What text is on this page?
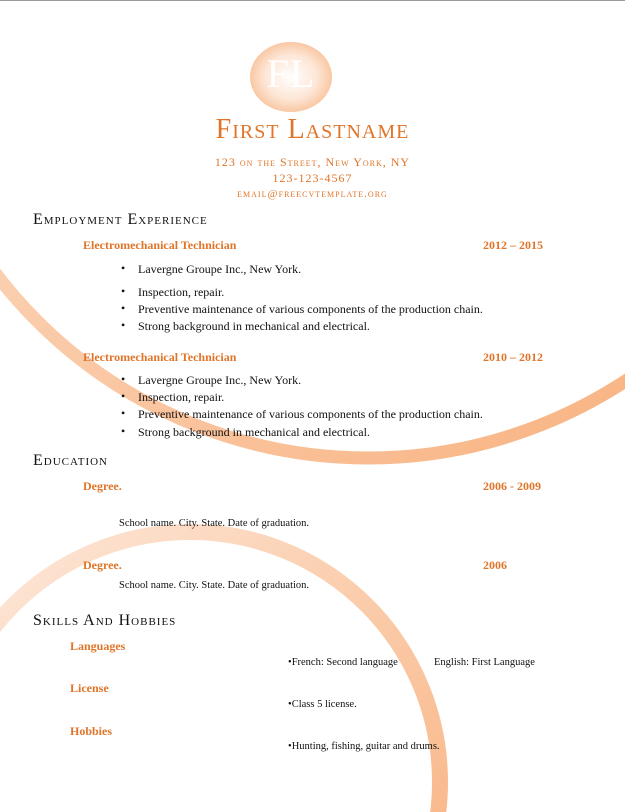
FL
First Lastname
123 on the Street, New York, NY
123-123-4567
email@freecvtemplate.org
Employment Experience
Electromechanical Technician	2012 – 2015
• Lavergne Groupe Inc., New York.
• Inspection, repair.
• Preventive maintenance of various components of the production chain.
• Strong background in mechanical and electrical.
Electromechanical Technician	2010 – 2012
• Lavergne Groupe Inc., New York.
• Inspection, repair.
• Preventive maintenance of various components of the production chain.
• Strong background in mechanical and electrical.
Education
Degree.	2006 - 2009
School name. City. State. Date of graduation.
Degree.	2006
School name. City. State. Date of graduation.
Skills And Hobbies
Languages
•French: Second language	English: First Language
License
•Class 5 license.
Hobbies
•Hunting, fishing, guitar and drums.
